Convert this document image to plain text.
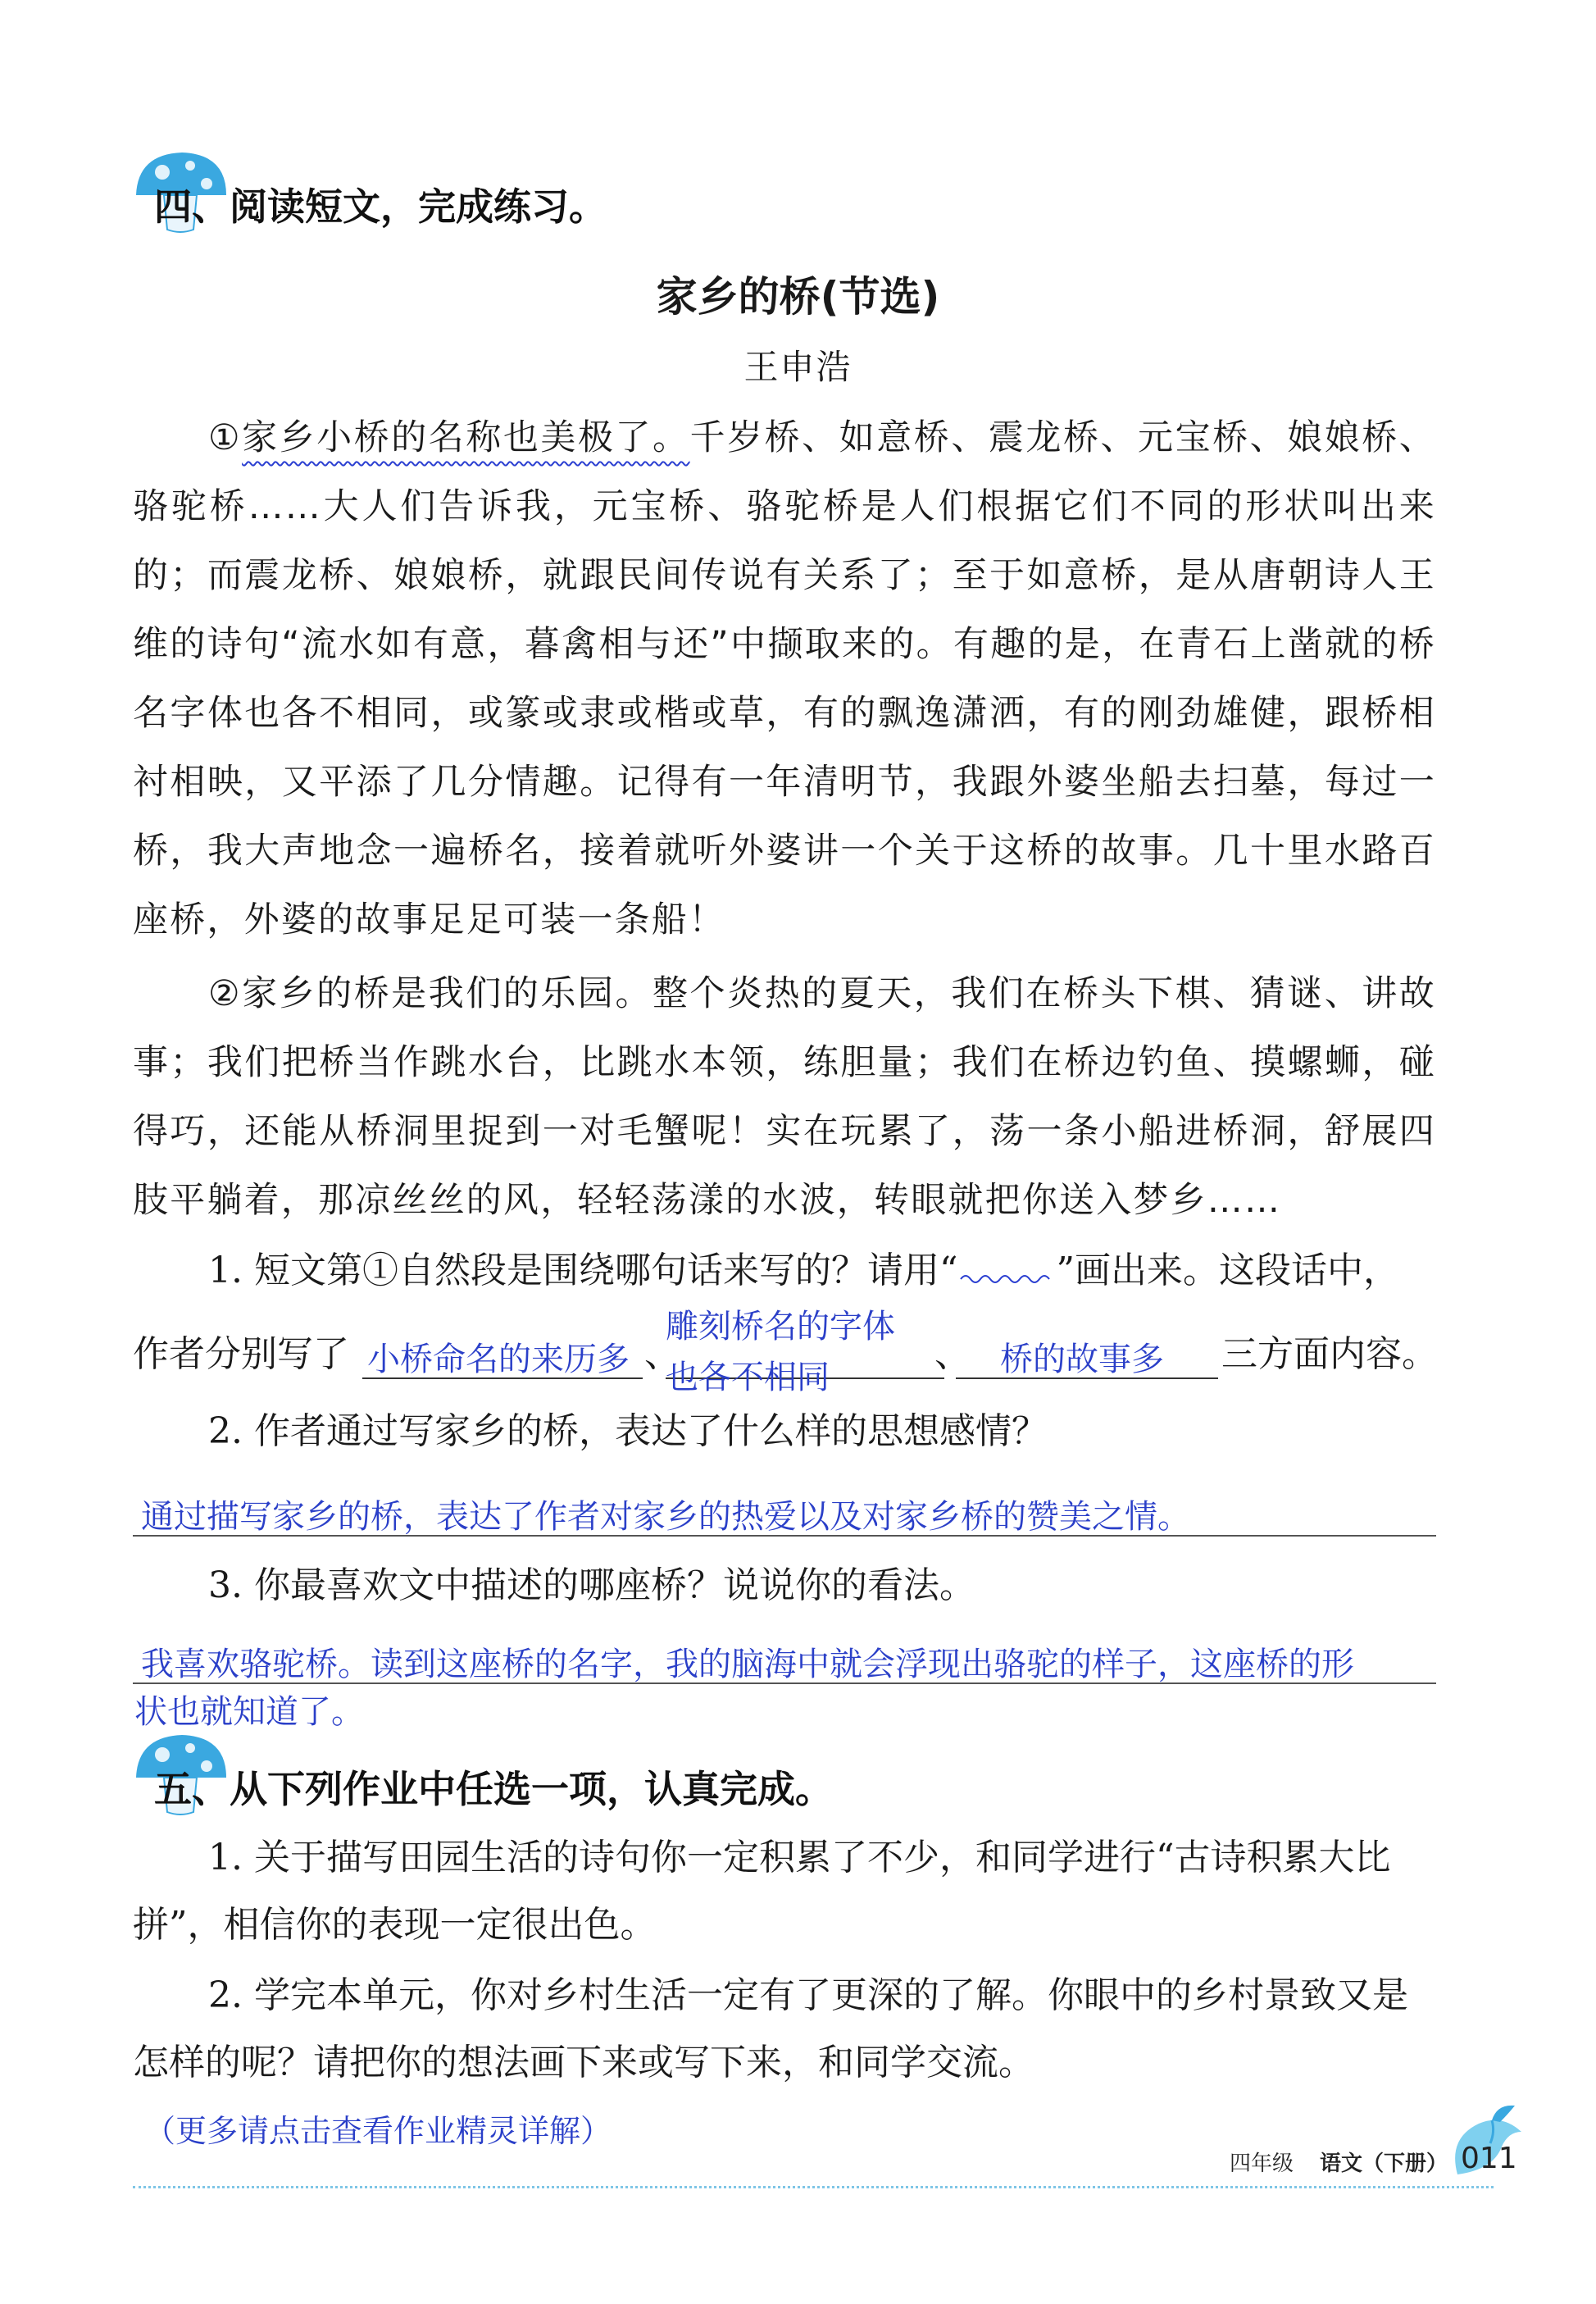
四、阅读短文，完成练习。
家乡的桥(节选)
王申浩

①家乡小桥的名称也美极了。千岁桥、如意桥、震龙桥、元宝桥、娘娘桥、骆驼桥……大人们告诉我，元宝桥、骆驼桥是人们根据它们不同的形状叫出来的；而震龙桥、娘娘桥，就跟民间传说有关系了；至于如意桥，是从唐朝诗人王维的诗句“流水如有意，暮禽相与还”中撷取来的。有趣的是，在青石上凿就的桥名字体也各不相同，或篆或隶或楷或草，有的飘逸潇洒，有的刚劲雄健，跟桥相衬相映，又平添了几分情趣。记得有一年清明节，我跟外婆坐船去扫墓，每过一桥，我大声地念一遍桥名，接着就听外婆讲一个关于这桥的故事。几十里水路百座桥，外婆的故事足足可装一条船！

②家乡的桥是我们的乐园。整个炎热的夏天，我们在桥头下棋、猜谜、讲故事；我们把桥当作跳水台，比跳水本领，练胆量；我们在桥边钓鱼、摸螺蛳，碰得巧，还能从桥洞里捉到一对毛蟹呢！实在玩累了，荡一条小船进桥洞，舒展四肢平躺着，那凉丝丝的风，轻轻荡漾的水波，转眼就把你送入梦乡……

1. 短文第①自然段是围绕哪句话来写的？请用“	”画出来。这段话中，
作者分别写了 小桥命名的来历多 、
雕刻桥名的字体
也各不相同
、 桥的故事多 三方面内容。
2. 作者通过写家乡的桥，表达了什么样的思想感情？
通过描写家乡的桥，表达了作者对家乡的热爱以及对家乡桥的赞美之情。
3. 你最喜欢文中描述的哪座桥？说说你的看法。
我喜欢骆驼桥。读到这座桥的名字，我的脑海中就会浮现出骆驼的样子，这座桥的形
状也就知道了。
五、从下列作业中任选一项，认真完成。
1. 关于描写田园生活的诗句你一定积累了不少，和同学进行“古诗积累大比
拼”，相信你的表现一定很出色。
2. 学完本单元，你对乡村生活一定有了更深的了解。你眼中的乡村景致又是
怎样的呢？请把你的想法画下来或写下来，和同学交流。
（更多请点击查看作业精灵详解）
四年级 语文（下册） 011
